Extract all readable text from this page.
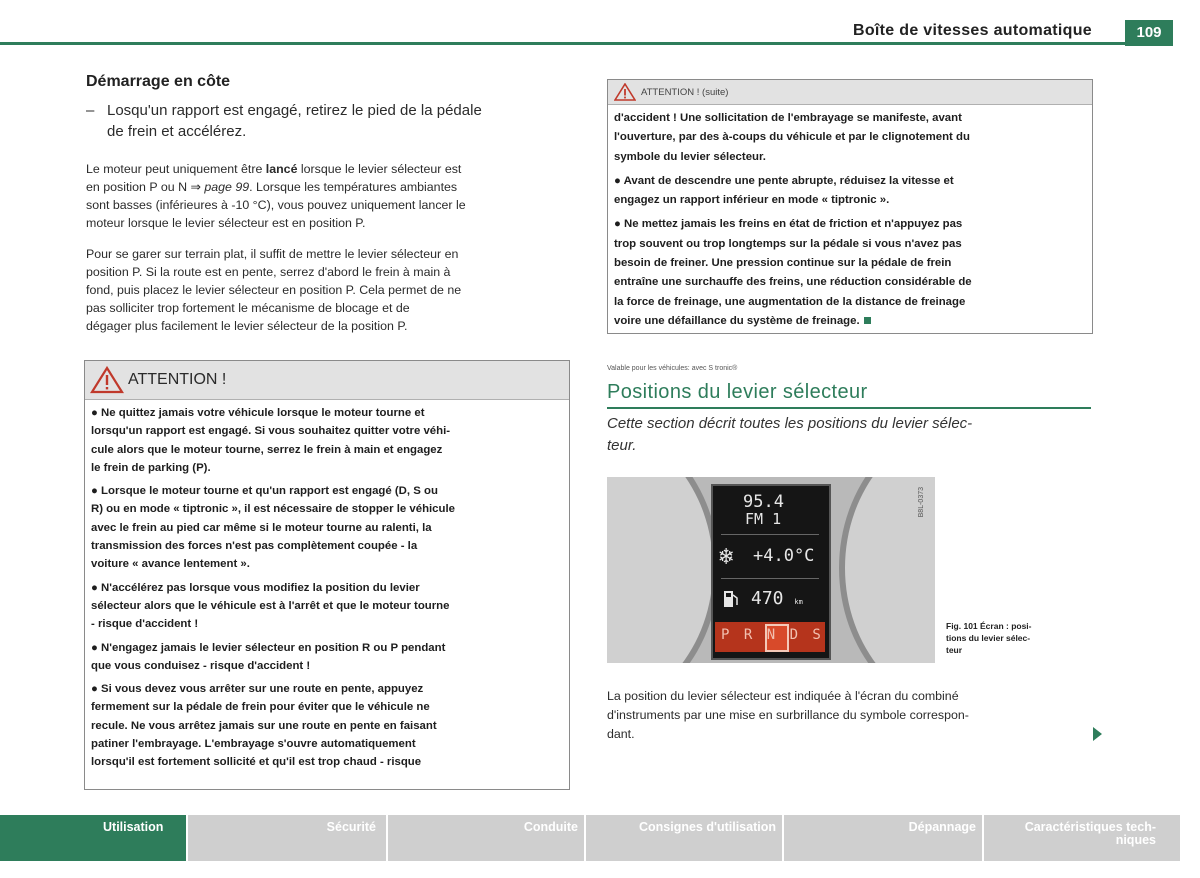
Boîte de vitesses automatique	109
Démarrage en côte
– Losqu'un rapport est engagé, retirez le pied de la pédale
de frein et accélérez.
Le moteur peut uniquement être lancé lorsque le levier sélecteur est
en position P ou N ⇒ page 99. Lorsque les températures ambiantes
sont basses (inférieures à -10 °C), vous pouvez uniquement lancer le
moteur lorsque le levier sélecteur est en position P.
Pour se garer sur terrain plat, il suffit de mettre le levier sélecteur en
position P. Si la route est en pente, serrez d'abord le frein à main à
fond, puis placez le levier sélecteur en position P. Cela permet de ne
pas solliciter trop fortement le mécanisme de blocage et de
dégager plus facilement le levier sélecteur de la position P.
ATTENTION !

● Ne quittez jamais votre véhicule lorsque le moteur tourne et
lorsqu'un rapport est engagé. Si vous souhaitez quitter votre véhi-
cule alors que le moteur tourne, serrez le frein à main et engagez
le frein de parking (P).

● Lorsque le moteur tourne et qu'un rapport est engagé (D, S ou
R) ou en mode « tiptronic », il est nécessaire de stopper le véhicule
avec le frein au pied car même si le moteur tourne au ralenti, la
transmission des forces n'est pas complètement coupée - la
voiture « avance lentement ».

● N'accélérez pas lorsque vous modifiez la position du levier
sélecteur alors que le véhicule est à l'arrêt et que le moteur tourne
- risque d'accident !

● N'engagez jamais le levier sélecteur en position R ou P pendant
que vous conduisez - risque d'accident !

● Si vous devez vous arrêter sur une route en pente, appuyez
fermement sur la pédale de frein pour éviter que le véhicule ne
recule. Ne vous arrêtez jamais sur une route en pente en faisant
patiner l'embrayage. L'embrayage s'ouvre automatiquement
lorsqu'il est fortement sollicité et qu'il est trop chaud - risque

ATTENTION ! (suite)

d'accident ! Une sollicitation de l'embrayage se manifeste, avant
l'ouverture, par des à-coups du véhicule et par le clignotement du
symbole du levier sélecteur.

● Avant de descendre une pente abrupte, réduisez la vitesse et
engagez un rapport inférieur en mode « tiptronic ».

● Ne mettez jamais les freins en état de friction et n'appuyez pas
trop souvent ou trop longtemps sur la pédale si vous n'avez pas
besoin de freiner. Une pression continue sur la pédale de frein
entraîne une surchauffe des freins, une réduction considérable de
la force de freinage, une augmentation de la distance de freinage
voire une défaillance du système de freinage.

Valable pour les véhicules: avec S tronic®
Positions du levier sélecteur
Cette section décrit toutes les positions du levier sélec-
teur.
95.4
FM 1
❄ +4.0°C
470 km
P R N D S
B8L-0373
Fig. 101 Écran : posi-
tions du levier sélec-
teur
La position du levier sélecteur est indiquée à l'écran du combiné
d'instruments par une mise en surbrillance du symbole correspon-
dant.
Utilisation	Sécurité	Conduite	Consignes d'utilisation	Dépannage	Caractéristiques tech-
niques
